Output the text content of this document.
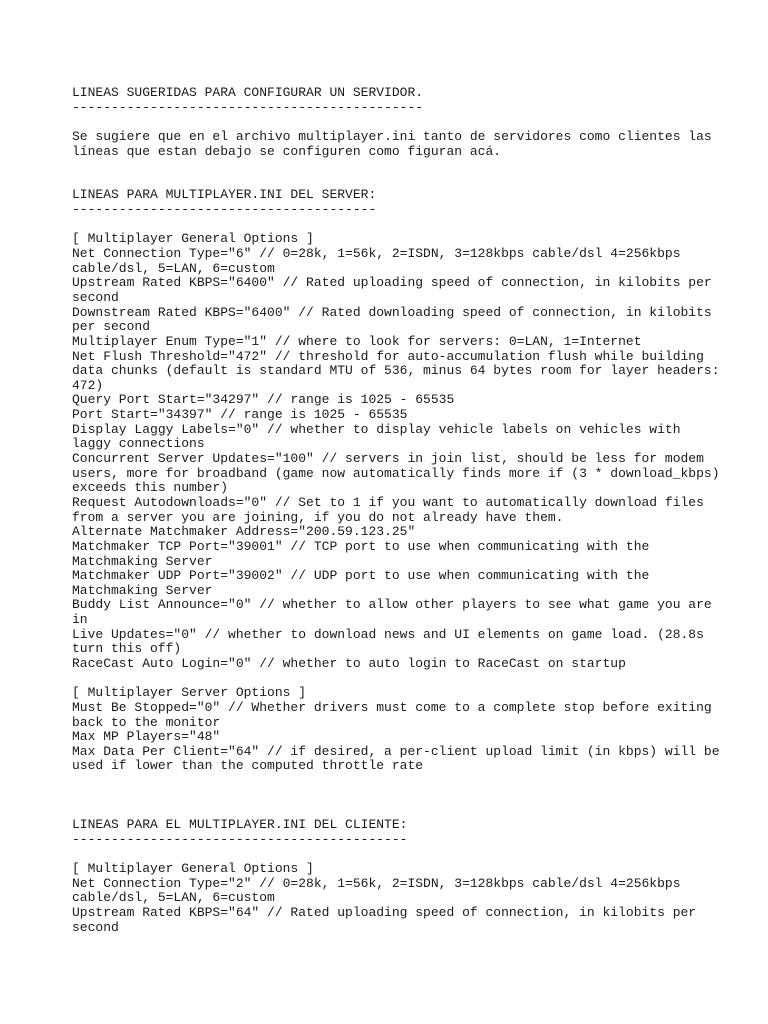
LINEAS SUGERIDAS PARA CONFIGURAR UN SERVIDOR.
---------------------------------------------
Se sugiere que en el archivo multiplayer.ini tanto de servidores como clientes las
líneas que estan debajo se configuren como figuran acá.
LINEAS PARA MULTIPLAYER.INI DEL SERVER:
---------------------------------------
[ Multiplayer General Options ]
Net Connection Type="6" // 0=28k, 1=56k, 2=ISDN, 3=128kbps cable/dsl 4=256kbps
cable/dsl, 5=LAN, 6=custom
Upstream Rated KBPS="6400" // Rated uploading speed of connection, in kilobits per
second
Downstream Rated KBPS="6400" // Rated downloading speed of connection, in kilobits
per second
Multiplayer Enum Type="1" // where to look for servers: 0=LAN, 1=Internet
Net Flush Threshold="472" // threshold for auto-accumulation flush while building
data chunks (default is standard MTU of 536, minus 64 bytes room for layer headers:
472)
Query Port Start="34297" // range is 1025 - 65535
Port Start="34397" // range is 1025 - 65535
Display Laggy Labels="0" // whether to display vehicle labels on vehicles with
laggy connections
Concurrent Server Updates="100" // servers in join list, should be less for modem
users, more for broadband (game now automatically finds more if (3 * download_kbps)
exceeds this number)
Request Autodownloads="0" // Set to 1 if you want to automatically download files
from a server you are joining, if you do not already have them.
Alternate Matchmaker Address="200.59.123.25"
Matchmaker TCP Port="39001" // TCP port to use when communicating with the
Matchmaking Server
Matchmaker UDP Port="39002" // UDP port to use when communicating with the
Matchmaking Server
Buddy List Announce="0" // whether to allow other players to see what game you are
in
Live Updates="0" // whether to download news and UI elements on game load. (28.8s
turn this off)
RaceCast Auto Login="0" // whether to auto login to RaceCast on startup
[ Multiplayer Server Options ]
Must Be Stopped="0" // Whether drivers must come to a complete stop before exiting
back to the monitor
Max MP Players="48"
Max Data Per Client="64" // if desired, a per-client upload limit (in kbps) will be
used if lower than the computed throttle rate
LINEAS PARA EL MULTIPLAYER.INI DEL CLIENTE:
-------------------------------------------
[ Multiplayer General Options ]
Net Connection Type="2" // 0=28k, 1=56k, 2=ISDN, 3=128kbps cable/dsl 4=256kbps
cable/dsl, 5=LAN, 6=custom
Upstream Rated KBPS="64" // Rated uploading speed of connection, in kilobits per
second
